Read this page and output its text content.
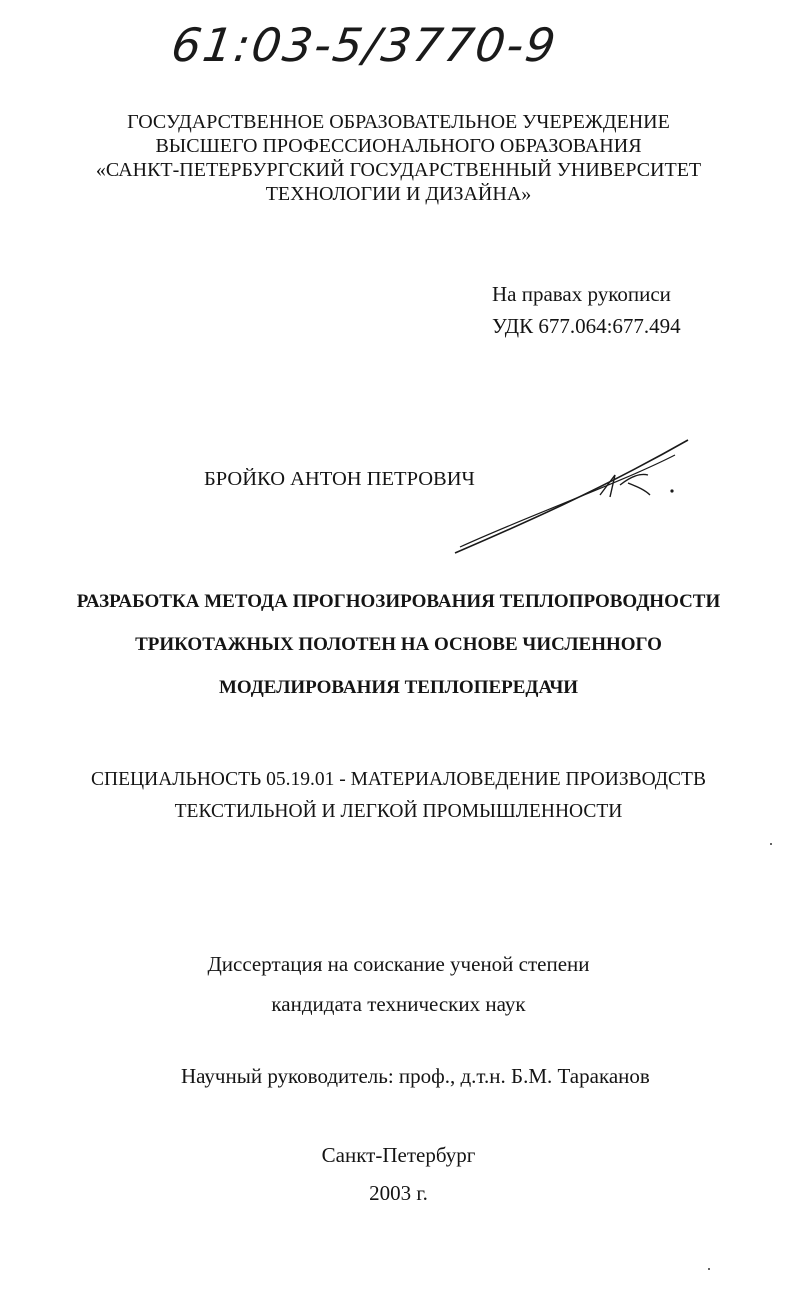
61:03-5/3770-9
ГОСУДАРСТВЕННОЕ ОБРАЗОВАТЕЛЬНОЕ УЧЕРЕЖДЕНИЕ
ВЫСШЕГО ПРОФЕССИОНАЛЬНОГО ОБРАЗОВАНИЯ
«САНКТ-ПЕТЕРБУРГСКИЙ ГОСУДАРСТВЕННЫЙ УНИВЕРСИТЕТ
ТЕХНОЛОГИИ И ДИЗАЙНА»
На правах рукописи
УДК 677.064:677.494
БРОЙКО АНТОН ПЕТРОВИЧ
РАЗРАБОТКА МЕТОДА ПРОГНОЗИРОВАНИЯ ТЕПЛОПРОВОДНОСТИ
ТРИКОТАЖНЫХ ПОЛОТЕН НА ОСНОВЕ ЧИСЛЕННОГО
МОДЕЛИРОВАНИЯ ТЕПЛОПЕРЕДАЧИ
СПЕЦИАЛЬНОСТЬ 05.19.01 - МАТЕРИАЛОВЕДЕНИЕ ПРОИЗВОДСТВ
ТЕКСТИЛЬНОЙ И ЛЕГКОЙ ПРОМЫШЛЕННОСТИ
Диссертация на соискание ученой степени
кандидата технических наук
Научный руководитель: проф., д.т.н. Б.М. Тараканов
Санкт-Петербург
2003 г.
